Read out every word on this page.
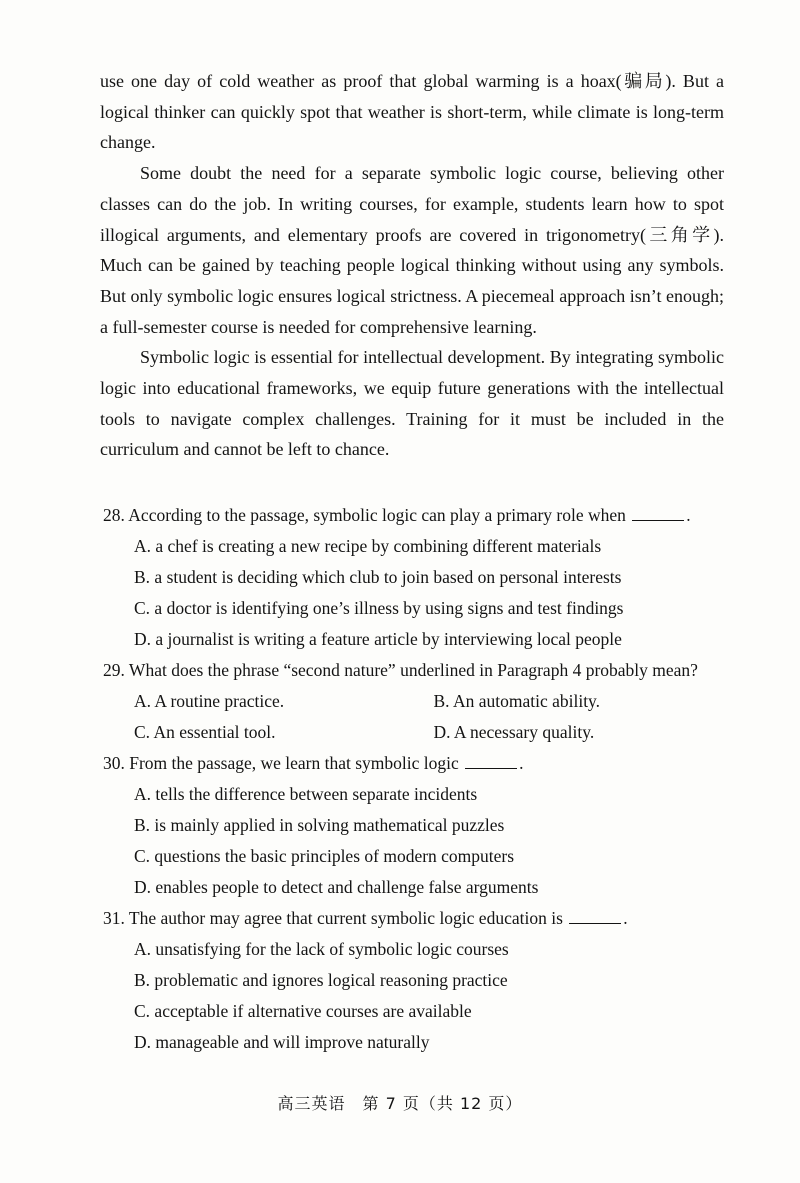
use one day of cold weather as proof that global warming is a hoax(骗局). But a logical thinker can quickly spot that weather is short-term, while climate is long-term change.

Some doubt the need for a separate symbolic logic course, believing other classes can do the job. In writing courses, for example, students learn how to spot illogical arguments, and elementary proofs are covered in trigonometry(三角学). Much can be gained by teaching people logical thinking without using any symbols. But only symbolic logic ensures logical strictness. A piecemeal approach isn’t enough; a full-semester course is needed for comprehensive learning.

Symbolic logic is essential for intellectual development. By integrating symbolic logic into educational frameworks, we equip future generations with the intellectual tools to navigate complex challenges. Training for it must be included in the curriculum and cannot be left to chance.

28. According to the passage, symbolic logic can play a primary role when	.
A. a chef is creating a new recipe by combining different materials
B. a student is deciding which club to join based on personal interests
C. a doctor is identifying one’s illness by using signs and test findings
D. a journalist is writing a feature article by interviewing local people
29. What does the phrase “second nature” underlined in Paragraph 4 probably mean?
A. A routine practice.	B. An automatic ability.
C. An essential tool.	D. A necessary quality.
30. From the passage, we learn that symbolic logic	.
A. tells the difference between separate incidents
B. is mainly applied in solving mathematical puzzles
C. questions the basic principles of modern computers
D. enables people to detect and challenge false arguments
31. The author may agree that current symbolic logic education is	.
A. unsatisfying for the lack of symbolic logic courses
B. problematic and ignores logical reasoning practice
C. acceptable if alternative courses are available
D. manageable and will improve naturally
高三英语　第 7 页（共 12 页）
